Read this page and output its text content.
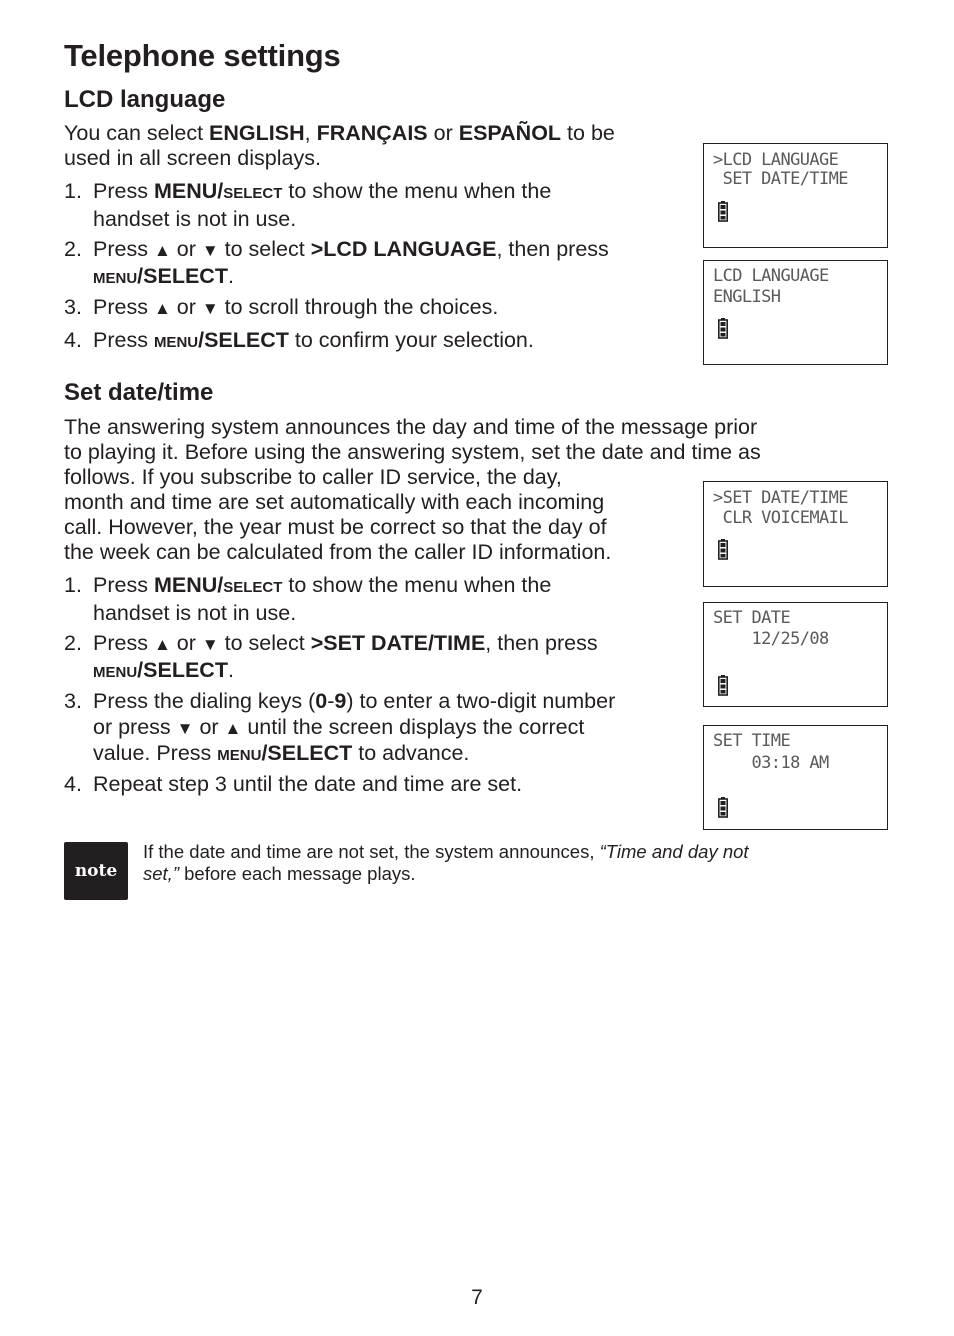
Telephone settings
LCD language
You can select ENGLISH, FRANÇAIS or ESPAÑOL to be
used in all screen displays.
1. Press MENU/SELECT to show the menu when the
handset is not in use.
2. Press ▲ or ▼ to select >LCD LANGUAGE, then press
MENU/SELECT.
3. Press ▲ or ▼ to scroll through the choices.
4. Press MENU/SELECT to confirm your selection.
>LCD LANGUAGE
SET DATE/TIME
LCD LANGUAGE
ENGLISH
Set date/time
The answering system announces the day and time of the message prior
to playing it. Before using the answering system, set the date and time as
follows. If you subscribe to caller ID service, the day,
month and time are set automatically with each incoming
call. However, the year must be correct so that the day of
the week can be calculated from the caller ID information.
1. Press MENU/SELECT to show the menu when the
handset is not in use.
2. Press ▲ or ▼ to select >SET DATE/TIME, then press
MENU/SELECT.
3. Press the dialing keys (0-9) to enter a two-digit number
or press ▼ or ▲ until the screen displays the correct
value. Press MENU/SELECT to advance.
4. Repeat step 3 until the date and time are set.
>SET DATE/TIME
CLR VOICEMAIL
SET DATE
12/25/08
SET TIME
03:18 AM
note
If the date and time are not set, the system announces, “Time and day not
set,” before each message plays.
7
